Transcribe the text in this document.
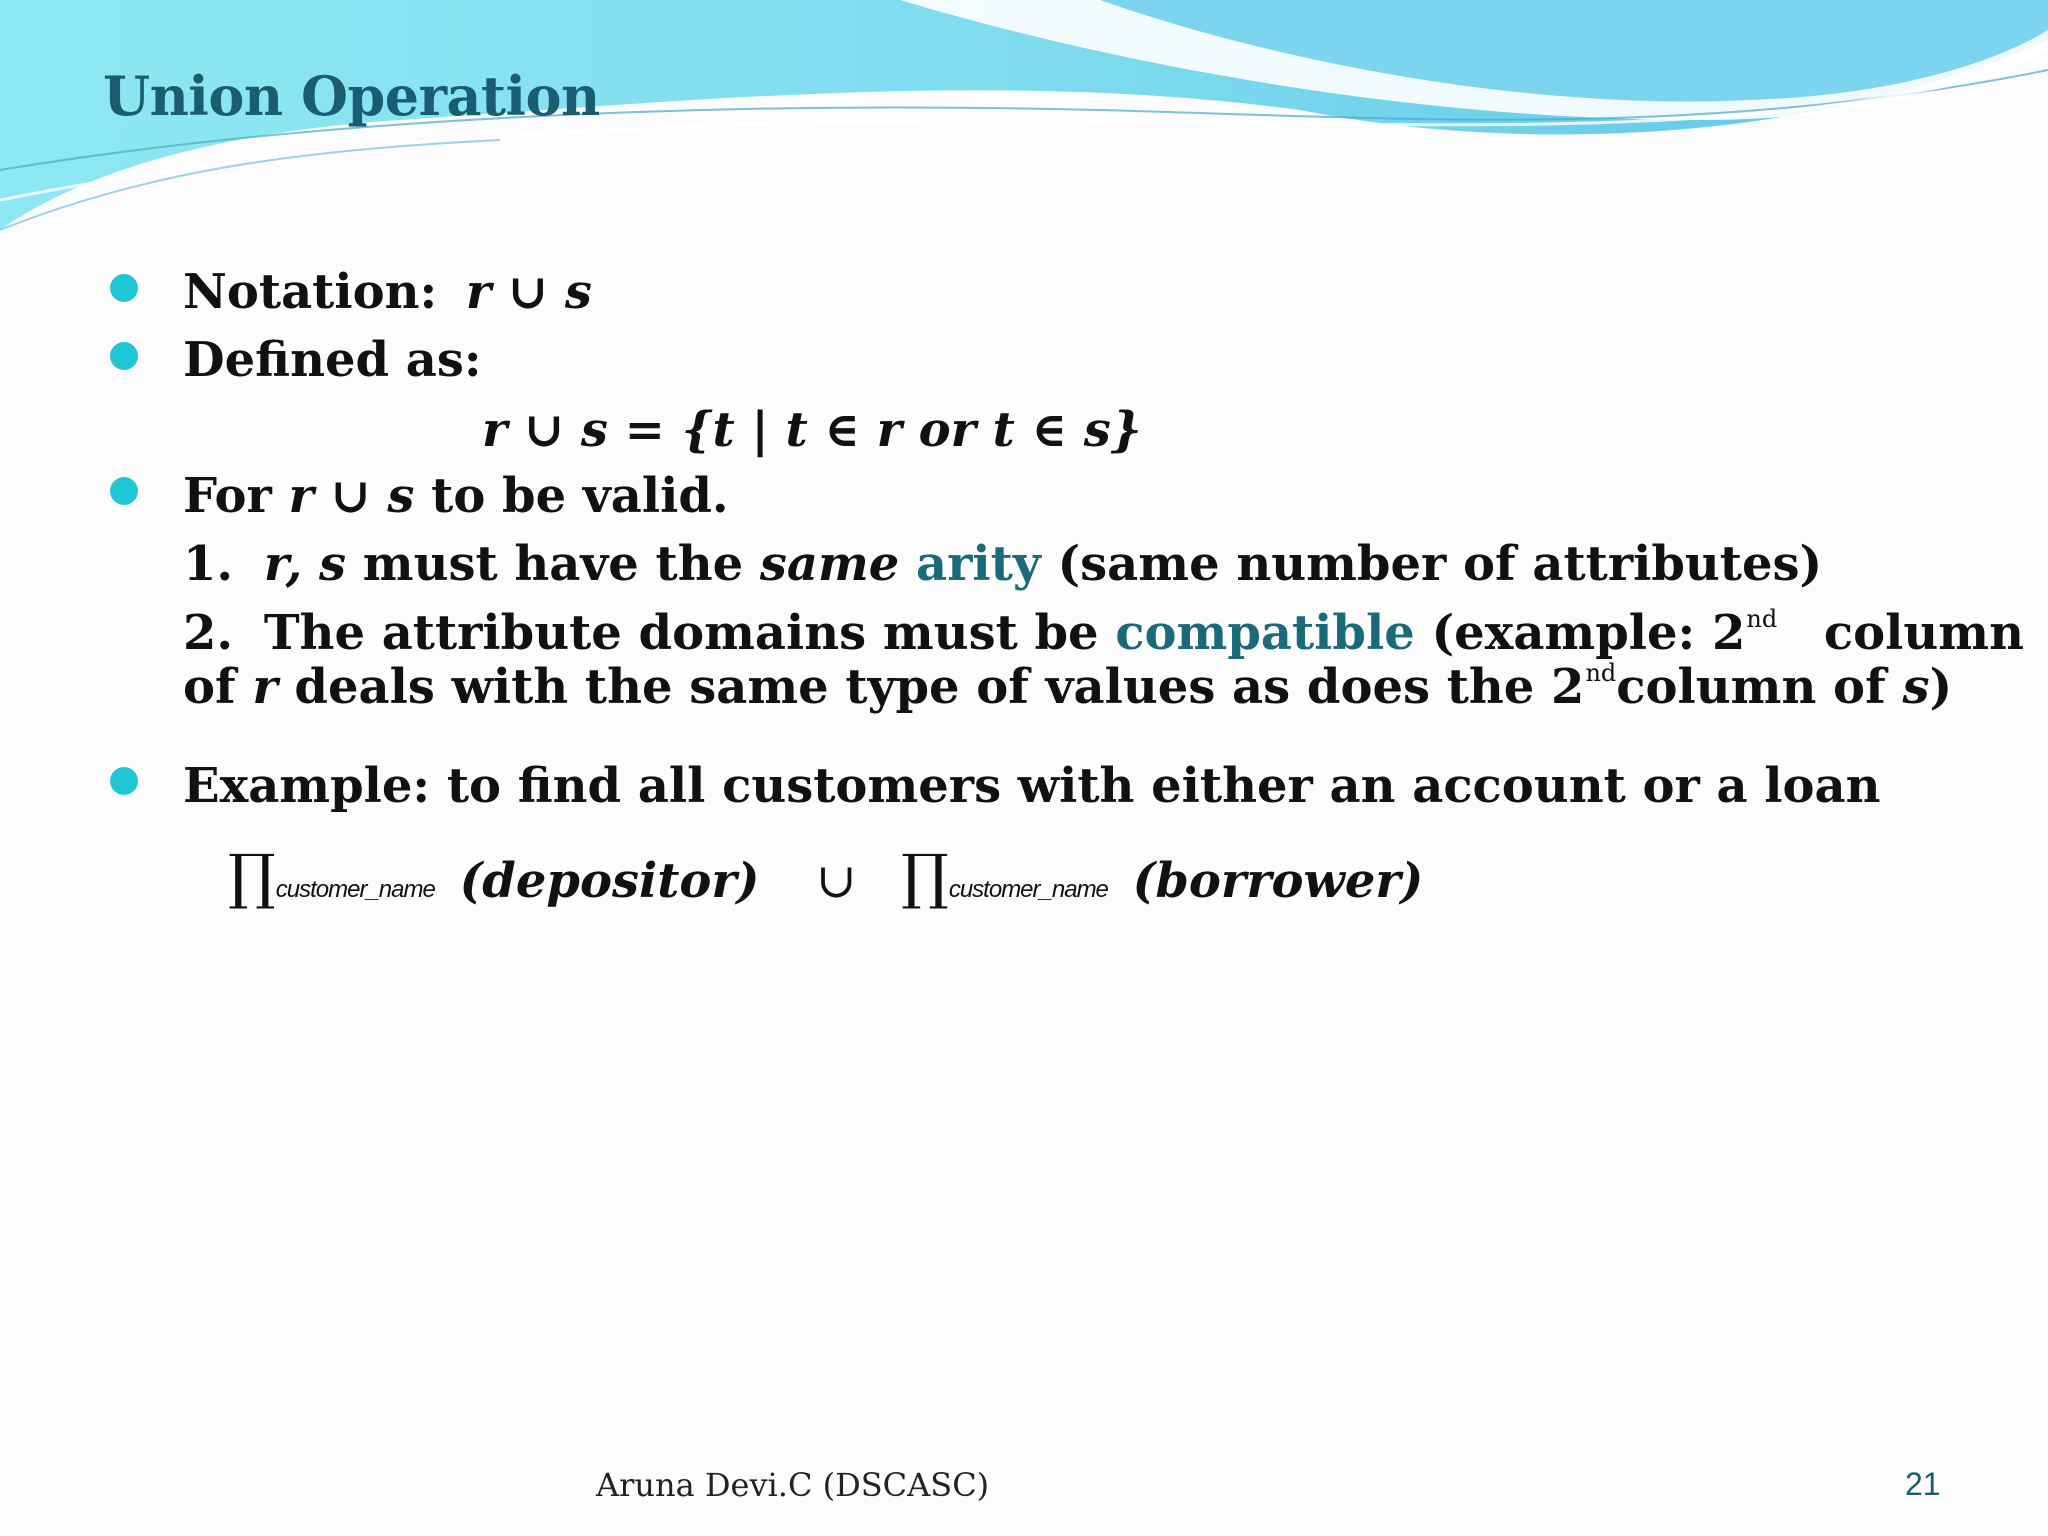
Union Operation
Notation: r ∪ s
Defined as:
r ∪ s = {t | t ∈ r or t ∈ s}
For r ∪ s to be valid.
1. r, s must have the same arity (same number of attributes)
2. The attribute domains must be compatible (example: 2nd column
of r deals with the same type of values as does the 2ndcolumn of s)
Example: to find all customers with either an account or a loan
∏customer_name (depositor) ∪ ∏customer_name (borrower)
Aruna Devi.C (DSCASC)	21
